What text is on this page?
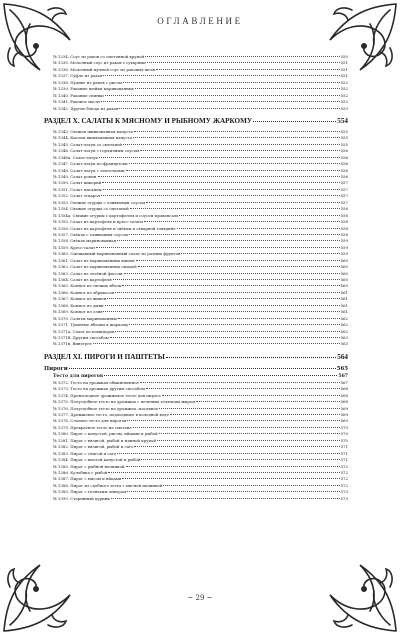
ОГЛАВЛЕНИЕ
№ 1334. Соус из раков со сметанной крупой	550
№ 1335. Молочный соус из раков с сухарями	551
№ 1336. Молочный мучной соус из раковых шеек	551
№ 1337. Суфле из раков	551
№ 1338. Пудинг из раков с рисом	552
№ 1339. Раковые шейки маринованные	552
№ 1340. Раковые спинки	552
№ 1341. Раковое масло	552
№ 1342. Другие блюда из раков	553
РАЗДЕЛ X. САЛАТЫ К МЯСНОМУ И РЫБНОМУ ЖАРКОМУ	554
№ 1343. Свежая шинкованная капуста	555
№ 1344. Кислая шинкованная капуста	555
№ 1345. Салат-латук со сметаной	555
№ 1346. Салат-латук с горчичным соусом	556
№ 1346а. Салат-латук	556
№ 1347. Салат-латук по-французски	556
№ 1348. Салат-латук с лепестками	556
№ 1349. Салат ромен	556
№ 1350. Салат цикорий	557
№ 1351. Салат писанлы	557
№ 1352. Салат эскарол	557
№ 1353. Свежие огурцы с оливковым соусом	557
№ 1354. Свежие огурцы со сметаной	558
№ 1354а. Свежие огурцы с картофелем и соусом провансаль	558
№ 1355. Салат из картофеля и кресс-салата	558
№ 1356. Салат из картофеля и свёклы к отварной говядине	558
№ 1357. Свёкла с оливковым соусом	558
№ 1358. Свёкла маринованная	559
№ 1359. Кресс-салат	559
№ 1360. Смешанный маринованный салат из разных фруктов	559
№ 1361. Салат из маринованных вишен	560
№ 1362. Салат из маринованных овощей	560
№ 1363. Салат из зелёной фасоли	560
№ 1364. Салат из картофеля	560
№ 1365. Компот из свежих яблок	560
№ 1366. Компот из абрикосов	561
№ 1367. Компот из вишен	561
№ 1368. Компот из дыни	561
№ 1369. Компот из слив	561
№ 1370. Салаты маринованные	562
№ 1371. Тушеные яблоки к жаркому	562
№ 1371а. Салат из помидоров	562
№ 1371б. Другим способом	563
№ 1371в. Винегрет	563
РАЗДЕЛ XI. ПИРОГИ И ПАШТЕТЫ	564
Пироги	565
Тесто для пирогов	567
№ 1372. Тесто на дрожжах обыкновенное	567
№ 1373. Тесто на дрожжах другим способом	568
№ 1374. Превосходное дрожжевое тесто для пирога	568
№ 1375. Полусдобное тесто на дрожжах с печеным телячьим жиром	568
№ 1376. Полусдобное тесто на дрожжах, масляное	569
№ 1377. Дрожжевое тесто, подходящее в холодной воде	569
№ 1378. Слоеное тесто для пирогов	569
№ 1379. Прекрасное тесто на сметане	570
№ 1380. Пирог с капустой, рисом, яйцами и рыбой	570
№ 1381. Пирог с вязигой, рыбой и манной крупой	570
№ 1382. Пирог с вязигой, рыбой и саго	571
№ 1383. Пирог с сёмгой и саго	571
№ 1384. Пирог с кислой капустой и рыбой	571
№ 1385. Пирог с рыбной начинкой	572
№ 1386. Кулебяка с рыбой	572
№ 1387. Пирог с мясом и яйцами	572
№ 1388. Пирог из сдобного теста с мясной начинкой	572
№ 1389. Пирог с телячьим ливером	573
№ 1390. Старинный курник	573
~ 29 ~
